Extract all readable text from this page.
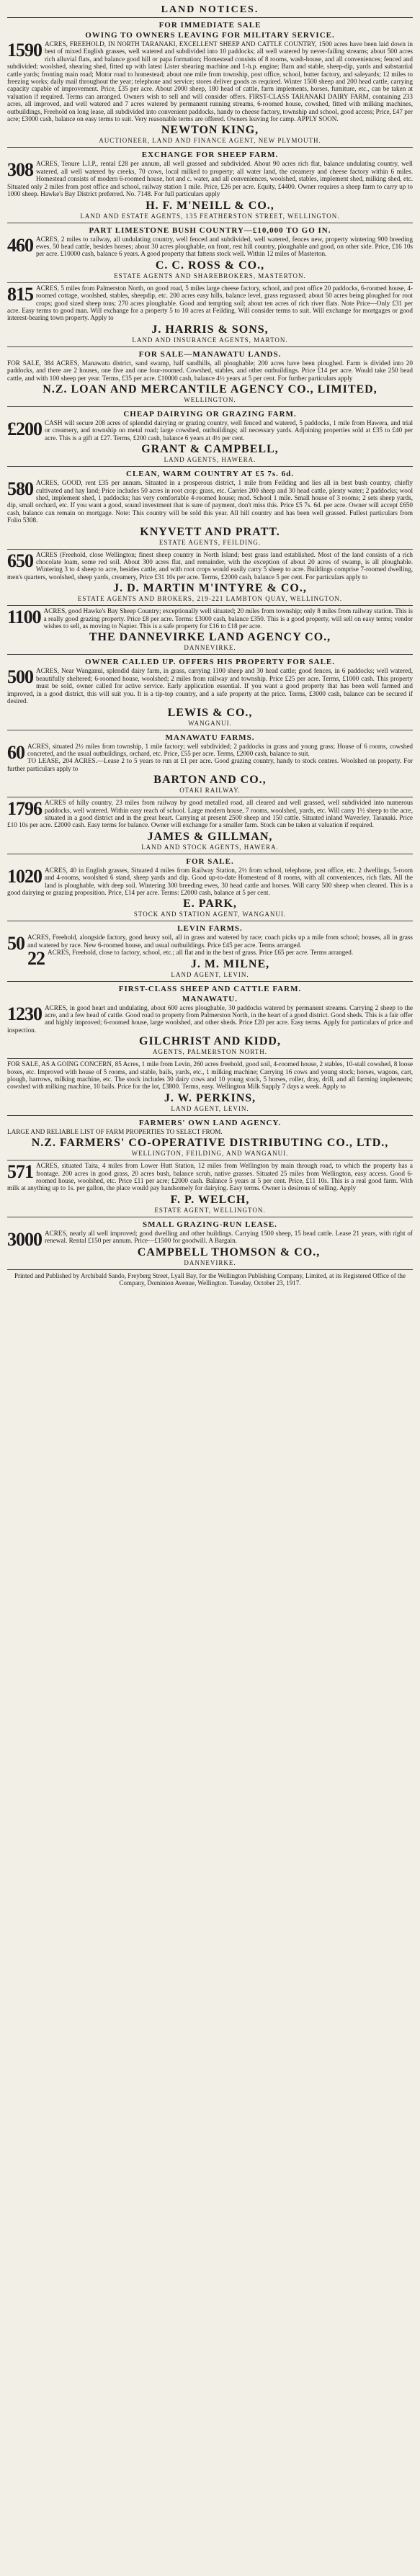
LAND NOTICES.
FOR IMMEDIATE SALE
OWING TO OWNERS LEAVING FOR MILITARY SERVICE.

1590 ACRES, FREEHOLD, IN NORTH TARANAKI, EXCELLENT SHEEP AND CATTLE COUNTRY, 1500 acres have been laid down in best of mixed English grasses, well watered and subdivided into 10 paddocks; all well watered by never-failing streams; about 500 acres rich alluvial flats, and balance good hill or papa formation; Homestead consists of 8 rooms, wash-house, and all conveniences; fenced and subdivided; woolshed, shearing shed, fitted up with latest Lister shearing machine and 1-h.p. engine; Barn and stable, sheep-dip, yards and substantial cattle yards; fronting main road; Motor road to homestead; about one mile from township, post office, school, butter factory, and saleyards; 12 miles to freezing works; daily mail throughout the year; telephone and service; stores deliver goods as required. Winter 1500 sheep and 200 head cattle, carrying capacity capable of improvement. Price, £35 per acre. About 2000 sheep, 180 head of cattle, farm implements, horses, furniture, etc., can be taken at valuation if required. Terms can arranged. Owners wish to sell and will consider offers. FIRST-CLASS TARANAKI DAIRY FARM, containing 233 acres, all improved, and well watered and 7 acres watered by permanent running streams, 6-roomed house, cowshed, fitted with milking machines, outbuildings, Freehold on long lease, all subdivided into convenient paddocks, handy to cheese factory, township and school, good access; Price, £47 per acre; £3000 cash, balance on easy terms to suit. Very reasonable terms are offered. Owners leaving for camp. APPLY SOON.

NEWTON KING,
AUCTIONEER, LAND AND FINANCE AGENT, NEW PLYMOUTH.
EXCHANGE FOR SHEEP FARM.

308 ACRES, Tenure L.I.P., rental £28 per annum, all well grassed and subdivided. About 90 acres rich flat, balance undulating country, well watered, all well watered by creeks, 70 cows, local milked to property; all water land, the creamery and cheese factory within 6 miles. Homestead consists of modern 6-roomed house, hot and c. water, and all conveniences, woolshed, stables, implement shed, milking shed, etc. Situated only 2 miles from post office and school, railway station 1 mile. Price, £26 per acre. Equity, £4400. Owner requires a sheep farm to carry up to 1000 sheep. Hawke's Bay District preferred. No. 7148. For full particulars apply

H. F. M'NEILL & CO.,
LAND AND ESTATE AGENTS, 135 FEATHERSTON STREET, WELLINGTON.
PART LIMESTONE BUSH COUNTRY—£10,000 TO GO IN.

460 ACRES, 2 miles to railway, all undulating country, well fenced and subdivided, well watered, fences new, property wintering 900 breeding ewes, 50 head cattle, besides horses; about 30 acres ploughable, on front, rest hill country, ploughable and good, on other side. Price, £16 10s per acre. £10000 cash, balance 6 years. A good property that fattens stock well. Within 12 miles of Masterton.

C. C. ROSS & CO.,
ESTATE AGENTS AND SHAREBROKERS, MASTERTON.

815 ACRES, 5 miles from Palmerston North, on good road, 5 miles large cheese factory, school, and post office 20 paddocks, 6-roomed house, 4-roomed cottage, woolshed, stables, sheepdip, etc. 200 acres easy hills, balance level, grass regrassed; about 50 acres being ploughed for root crops; good sized sheep tons; 270 acres ploughable. Good and tempting soil; about ten acres of rich river flats. Note Price—Only £31 per acre. Easy terms to good man. Will exchange for a property 5 to 10 acres at Feilding. Will consider terms to suit. Will exchange for mortgages or good interest-bearing town property. Apply to

J. HARRIS & SONS,
LAND AND INSURANCE AGENTS, MARTON.
FOR SALE—MANAWATU LANDS.

FOR SALE, 384 ACRES, Manawatu district, sand swamp, half sandhills, all ploughable; 200 acres have been ploughed. Farm is divided into 20 paddocks, and there are 2 houses, one five and one four-roomed. Cowshed, stables, and other outbuildings. Price £14 per acre. Would take 250 head cattle, and with 100 sheep per year. Terms, £35 per acre. £10000 cash, balance 4½ years at 5 per cent. For further particulars apply

N.Z. LOAN AND MERCANTILE AGENCY CO., LIMITED,
WELLINGTON.
CHEAP DAIRYING OR GRAZING FARM.

£200 CASH will secure 208 acres of splendid dairying or grazing country, well fenced and watered, 5 paddocks, 1 mile from Hawera, and trial or creamery, and township on metal road; large cowshed, outbuildings; all necessary yards. Adjoining properties sold at £35 to £40 per acre. This is a gift at £27. Terms, £200 cash, balance 6 years at 4½ per cent.

GRANT & CAMPBELL,
LAND AGENTS, HAWERA.
CLEAN, WARM COUNTRY AT £5 7s. 6d.

580 ACRES, GOOD, rent £35 per annum. Situated in a prosperous district, 1 mile from Feilding and lies all in best bush country, chiefly cultivated and hay land; Price includes 50 acres in root crop; grass, etc. Carries 200 sheep and 30 head cattle, plenty water; 2 paddocks; wool shed, implement shed, 1 paddocks; has very comfortable 4-roomed house; mod. School 1 mile. Small house of 3 rooms; 2 sets sheep yards, dip, small orchard, etc. If you want a good, sound investment that is sure of payment, don't miss this. Price £5 7s. 6d. per acre. Owner will accept £650 cash, balance can remain on mortgage. Note: This country will be sold this year. All hill country and has been well grassed. Fullest particulars from Folio 5308.

KNYVETT AND PRATT.
ESTATE AGENTS, FEILDING.

650 ACRES (Freehold, close Wellington; finest sheep country in North Island; best grass land established. Most of the land consists of a rich chocolate loam, some red soil. About 300 acres flat, and remainder, with the exception of about 20 acres of swamp, is all ploughable. Wintering 3 to 4 sheep to acre, besides cattle, and with root crops would easily carry 5 sheep to acre. Buildings comprise 7-roomed dwelling, men's quarters, woolshed, sheep yards, creamery, Price £31 10s per acre. Terms, £2000 cash, balance 5 per cent. For particulars apply to

J. D. MARTIN M'INTYRE & CO.,
ESTATE AGENTS AND BROKERS, 219-221 LAMBTON QUAY, WELLINGTON.

1100 ACRES, good Hawke's Bay Sheep Country; exceptionally well situated; 20 miles from township; only 8 miles from railway station. This is a really good grazing property. Price £8 per acre. Terms: £3000 cash, balance £350. This is a good property, will sell on easy terms; vendor wishes to sell, as moving to Napier. This is a safe property for £16 to £18 per acre.

THE DANNEVIRKE LAND AGENCY CO.,
DANNEVIRKE.
OWNER CALLED UP. OFFERS HIS PROPERTY FOR SALE.

500 ACRES, Near Wanganui, splendid dairy farm, in grass, carrying 1100 sheep and 30 head cattle; good fences, in 6 paddocks; well watered, beautifully sheltered; 6-roomed house, woolshed; 2 miles from railway and township. Price £25 per acre. Terms, £1000 cash. This property must be sold, owner called for active service. Early application essential. If you want a good property that has been well farmed and improved, in a good district, this will suit you. It is a tip-top country, and a safe property at the price. Terms, £3000 cash, balance can be secured if desired.

LEWIS & CO.,
WANGANUI.
MANAWATU FARMS.

60 ACRES, situated 2½ miles from township, 1 mile factory; well subdivided; 2 paddocks in grass and young grass; House of 6 rooms, cowshed concreted, and the usual outbuildings, orchard, etc. Price, £55 per acre. Terms, £2000 cash, balance to suit.

TO LEASE, 204 ACRES.—Lease 2 to 5 years to run at £1 per acre. Good grazing country, handy to stock centres. Woolshed on property. For further particulars apply to

BARTON AND CO.,
OTAKI RAILWAY.

1796 ACRES of hilly country, 23 miles from railway by good metalled road, all cleared and well grassed, well subdivided into numerous paddocks, well watered. Within easy reach of school. Large modern house, 7 rooms, woolshed, yards, etc. Will carry 1½ sheep to the acre, situated in a good district and in the great heart. Carrying at present 2500 sheep and 150 cattle. Situated inland Waverley, Taranaki. Price £10 10s per acre. £2000 cash. Easy terms for balance. Owner will exchange for a smaller farm. Stock can be taken at valuation if required.

JAMES & GILLMAN,
LAND AND STOCK AGENTS, HAWERA.
FOR SALE.

1020 ACRES, 40 in English grasses, Situated 4 miles from Railway Station, 2½ from school, telephone, post office, etc. 2 dwellings, 5-room and 4-rooms, woolshed 6 stand, sheep yards and dip. Good up-to-date Homestead of 8 rooms, with all conveniences, rich flats. All the land is ploughable, with deep soil. Wintering 300 breeding ewes, 30 head cattle and horses. Will carry 500 sheep when cleared. This is a good dairying or grazing proposition. Price, £14 per acre. Terms: £2000 cash, balance at 5 per cent.

E. PARK,
STOCK AND STATION AGENT, WANGANUI.
LEVIN FARMS.

50 ACRES, Freehold, alongside factory, good heavy soil, all in grass and watered by race; coach picks up a mile from school; houses, all in grass and watered by race. New 6-roomed house, and usual outbuildings. Price £45 per acre. Terms arranged.

22 ACRES, Freehold, close to factory, school, etc.; all flat and in the best of grass. Price £65 per acre. Terms arranged.

J. M. MILNE,
LAND AGENT, LEVIN.
FIRST-CLASS SHEEP AND CATTLE FARM.
MANAWATU.

1230 ACRES, in good heart and undulating, about 600 acres ploughable, 30 paddocks watered by permanent streams. Carrying 2 sheep to the acre, and a few head of cattle. Good road to property from Palmerston North, in the heart of a good district. Good sheds. This is a fair offer and highly improved; 6-roomed house, large woolshed, and other sheds. Price £20 per acre. Easy terms. Apply for particulars of price and inspection.

GILCHRIST AND KIDD,
AGENTS, PALMERSTON NORTH.

FOR SALE, AS A GOING CONCERN, 85 Acres, 1 mile from Levin, 260 acres freehold, good soil, 4-roomed house, 2 stables, 10-stall cowshed, 8 loose boxes, etc. Improved with house of 5 rooms, and stable, bails, yards, etc., 1 milking machine; Carrying 16 cows and young stock; horses, wagons, cart, plough, harrows, milking machine, etc. The stock includes 30 dairy cows and 10 young stock, 5 horses, roller, dray, drill, and all farming implements; cowshed with milking machine, 10 bails. Price for the lot, £3800. Terms, easy. Wellington Milk Supply 7 days a week. Apply to

J. W. PERKINS,
LAND AGENT, LEVIN.
FARMERS' OWN LAND AGENCY.

LARGE AND RELIABLE LIST OF FARM PROPERTIES TO SELECT FROM.

N.Z. FARMERS' CO-OPERATIVE DISTRIBUTING CO., LTD.,
WELLINGTON, FEILDING, AND WANGANUI.

571 ACRES, situated Taita, 4 miles from Lower Hutt Station, 12 miles from Wellington by main through road, to which the property has a frontage. 200 acres in good grass, 20 acres bush, balance scrub, native grasses. Situated 25 miles from Wellington, easy access. Good 6-roomed house, woolshed, etc. Price £11 per acre; £2000 cash. Balance 5 years at 5 per cent. Price, £11 10s. This is a real good farm. With milk at anything up to 1s. per gallon, the place would pay handsomely for dairying. Easy terms. Owner is desirous of selling. Apply

F. P. WELCH,
ESTATE AGENT, WELLINGTON.
SMALL GRAZING-RUN LEASE.

3000 ACRES, nearly all well improved; good dwelling and other buildings. Carrying 1500 sheep, 15 head cattle. Lease 21 years, with right of renewal. Rental £150 per annum. Price—£1500 for goodwill. A Bargain.

CAMPBELL THOMSON & CO.,
DANNEVIRKE.

Printed and Published by Archibald Sando, Freyberg Street, Lyall Bay, for the Wellington Publishing Company, Limited, at its Registered Office of the Company, Dominion Avenue, Wellington. Tuesday, October 23, 1917.
